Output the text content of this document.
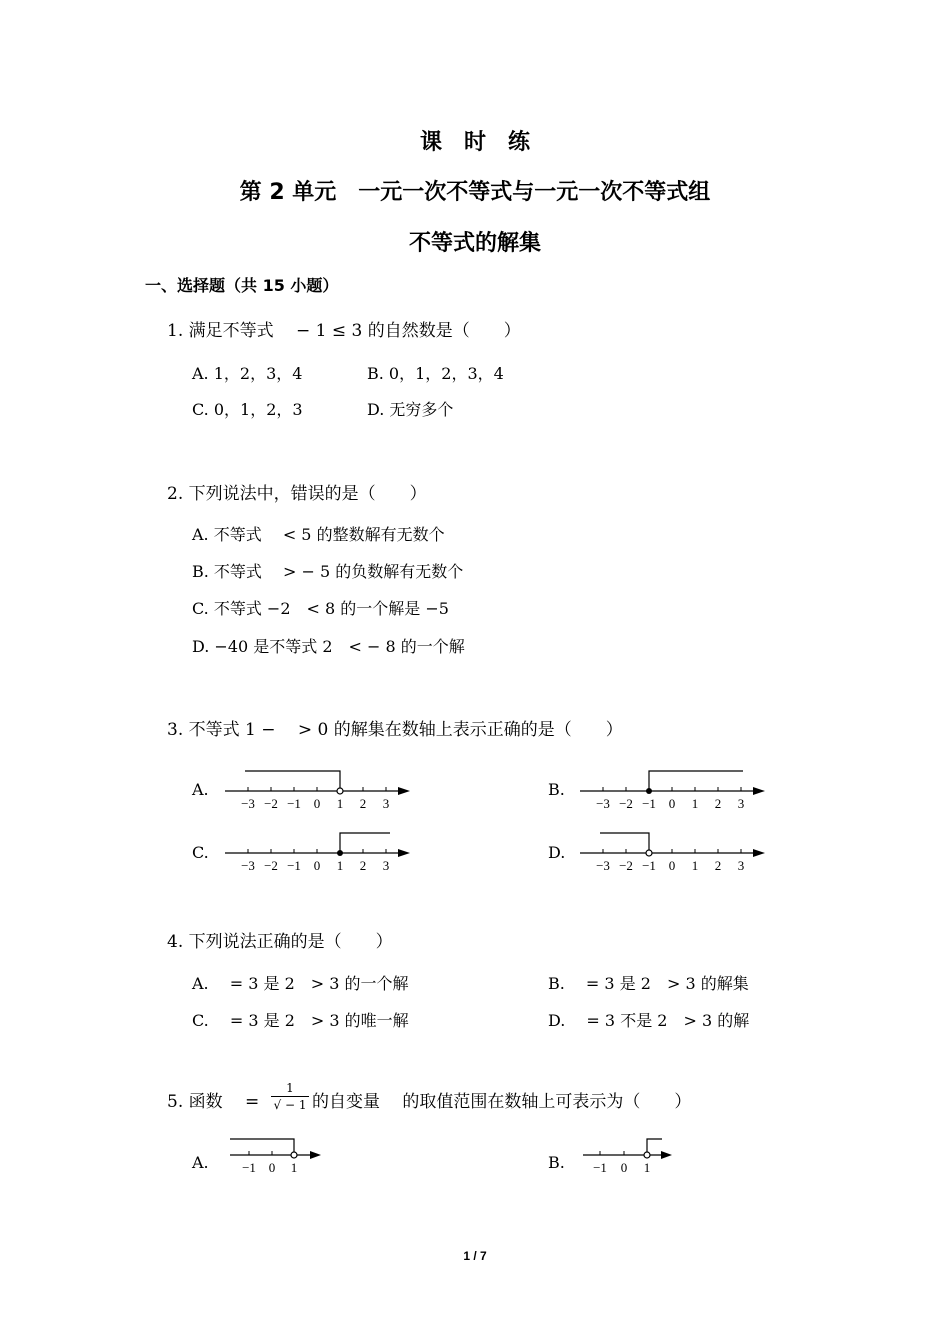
课　时　练
第 2 单元　一元一次不等式与一元一次不等式组
不等式的解集
一、选择题（共 15 小题）
1. 满足不等式　 − 1 ≤ 3 的自然数是（　　）
A. 1，2，3，4	B. 0，1，2，3，4
C. 0，1，2，3	D. 无穷多个
2. 下列说法中，错误的是（　　）
A. 不等式　 < 5 的整数解有无数个
B. 不等式　 > − 5 的负数解有无数个
C. 不等式 −2　< 8 的一个解是 −5
D. −40 是不等式 2　< − 8 的一个解
3. 不等式 1 −　 > 0 的解集在数轴上表示正确的是（　　）
A.	B.
C.	D.
−3 −2 −1 0 1 2 3	−3 −2 −1 0 1 2 3
−3 −2 −1 0 1 2 3	−3 −2 −1 0 1 2 3
4. 下列说法正确的是（　　）
A.　 = 3 是 2　> 3 的一个解	B.　 = 3 是 2　> 3 的解集
C.　 = 3 是 2　> 3 的唯一解	D.　 = 3 不是 2　> 3 的解
5. 函数　 =
1
√ − 1 的自变量　 的取值范围在数轴上可表示为（　　）
A.	B.
−1 0 1	−1 0 1
1 / 7
